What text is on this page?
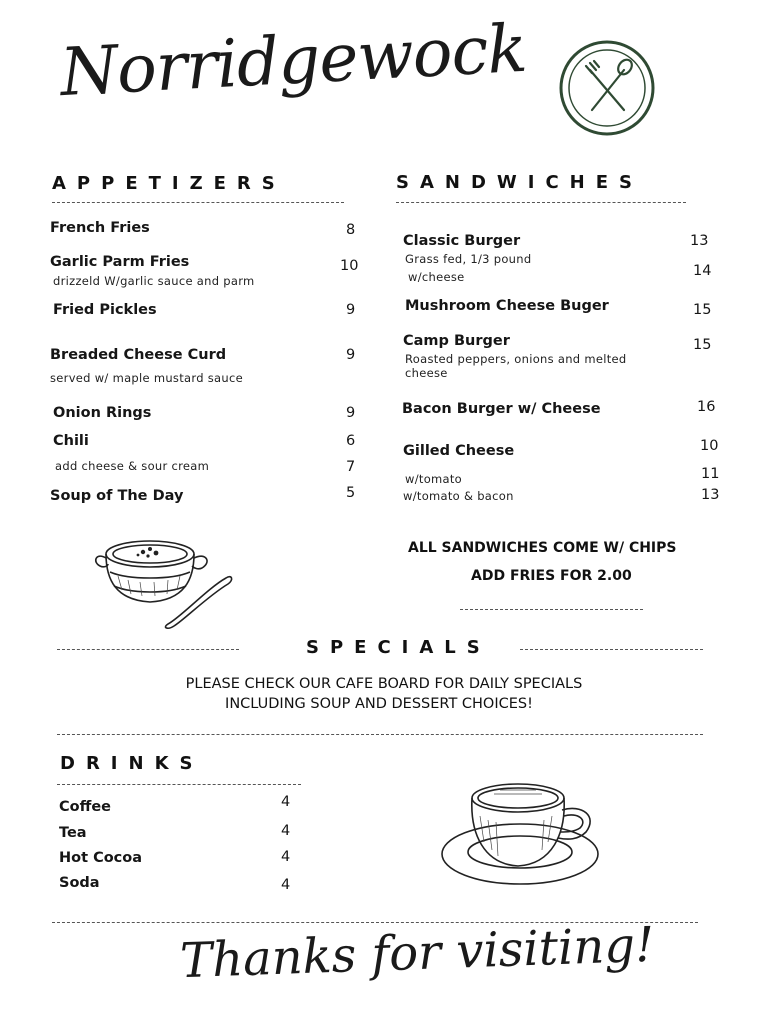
Norridgewock
APPETIZERS
French Fries	8
Garlic Parm Fries	10
drizzeld W/garlic sauce and parm
Fried Pickles	9
Breaded Cheese Curd	9
served w/ maple mustard sauce
Onion Rings	9
Chili	6
add cheese & sour cream	7
Soup of The Day	5
SANDWICHES
Classic Burger	13
Grass fed, 1/3 pound
w/cheese	14
Mushroom Cheese Buger	15
Camp Burger	15
Roasted peppers, onions and melted cheese
Bacon Burger w/ Cheese	16
Gilled Cheese	10
w/tomato	11
w/tomato & bacon	13
ALL SANDWICHES COME W/ CHIPS
ADD FRIES FOR 2.00
SPECIALS
PLEASE CHECK OUR CAFE BOARD FOR DAILY SPECIALS
INCLUDING SOUP AND DESSERT CHOICES!
DRINKS
Coffee	4
Tea	4
Hot Cocoa	4
Soda	4
Thanks for visiting!
